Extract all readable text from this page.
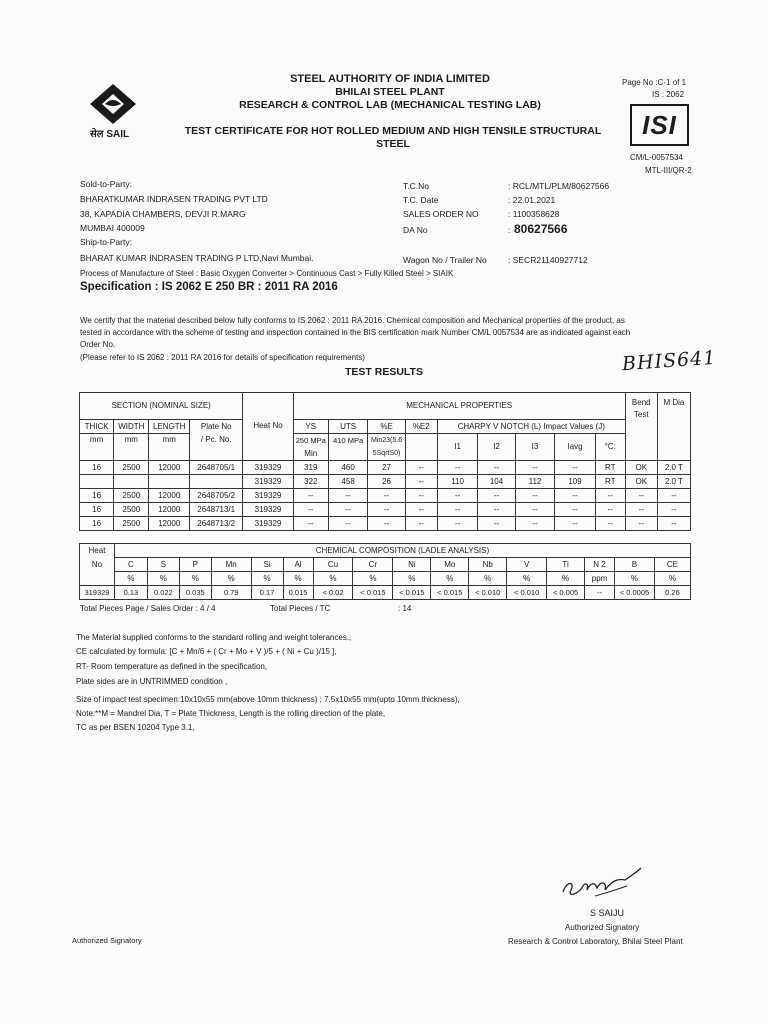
सेल SAIL
STEEL AUTHORITY OF INDIA LIMITED
BHILAI STEEL PLANT
RESEARCH & CONTROL LAB (MECHANICAL TESTING LAB)
TEST CERTIFICATE FOR HOT ROLLED MEDIUM AND HIGH TENSILE STRUCTURAL
STEEL
Page No :C-1 of 1
IS : 2062
ISI
CM/L-0057534
MTL-III/QR-2
Sold-to-Party:
BHARATKUMAR INDRASEN TRADING PVT LTD
38, KAPADIA CHAMBERS, DEVJI R.MARG
MUMBAI 400009
Ship-to-Party:
BHARAT KUMAR INDRASEN TRADING P LTD,Navi Mumbai.
T.C.No	: RCL/MTL/PLM/80627566
T.C. Date	: 22.01.2021
SALES ORDER NO	: 1100358628
DA No	: 80627566
Wagon No / Trailer No : SECR21140927712
Process of Manufacture of Steel : Basic Oxygen Converter > Continuous Cast > Fully Killed Steel > SIAIK
Specification : IS 2062 E 250 BR : 2011 RA 2016
We certify that the material described below fully conforms to IS 2062 : 2011 RA 2016. Chemical composition and Mechanical properties of the product, as
tested in accordance with the scheme of testing and inspection contained in the BIS certification mark Number CM/L 0057534 are as indicated against each
Order No.
(Please refer to IS 2062 : 2011 RA 2016 for details of specification requirements)	BHIS641
TEST RESULTS
SECTION (NOMINAL SIZE)					MECHANICAL PROPERTIES									Bend Test	M Dia
THICK	WIDTH	LENGTH	Plate No	Heat No	YS	UTS	%E	%E2	CHARPY V NOTCH (L) Impact Values (J)						
mm	mm	mm	/ Pc. No.		250 MPa	410 MPa	Min23(5.6		I1	I2	I3	Iavg	°C:		
					Min		5SqrtS0)								
16	2500	12000	2648705/1	319329	319	460	27	--	--	--	--	--	RT	OK	2.0 T
				319329	322	458	26	--	110	104	112	109	RT	OK	2.0 T
16	2500	12000	2648705/2	319329	--	--	--	--	--	--	--	--	--	--	--
16	2500	12000	2648713/1	319329	--	--	--	--	--	--	--	--	--	--	--
16	2500	12000	2648713/2	319329	--	--	--	--	--	--	--	--	--	--	--
Heat	CHEMICAL COMPOSITION (LADLE ANALYSIS)															
No	C	S	P	Mn	Si	Al	Cu	Cr	Ni	Mo	Nb	V	Ti	N 2	B	CE
	%	%	%	%	%	%	%	%	%	%	%	%	%	ppm	%	%
319329	0.13	0.022	0.035	0.79	0.17	0.015	< 0.02	< 0.015	< 0.015	< 0.015	< 0.010	< 0.010	< 0.005	--	< 0.0005	0.26
Total Pieces Page / Sales Order : 4 / 4	Total Pieces / TC	: 14
The Material supplied conforms to the standard rolling and weight tolerances.,
CE calculated by formula: [C + Mn/6 + ( Cr + Mo + V )/5 + ( Ni + Cu )/15 ],
RT- Room temperature as defined in the specification,
Plate sides are in UNTRIMMED condition ,
Size of impact test specimen:10x10x55 mm(above 10mm thickness) ; 7.5x10x55 mm(upto 10mm thickness),
Note:**M = Mandrel Dia, T = Plate Thickness, Length is the rolling direction of the plate,
TC as per BSEN 10204 Type 3.1,
S SAIJU
Authorized Signatory
Research & Control Laboratory, Bhilai Steel Plant
Authorized Signatory
